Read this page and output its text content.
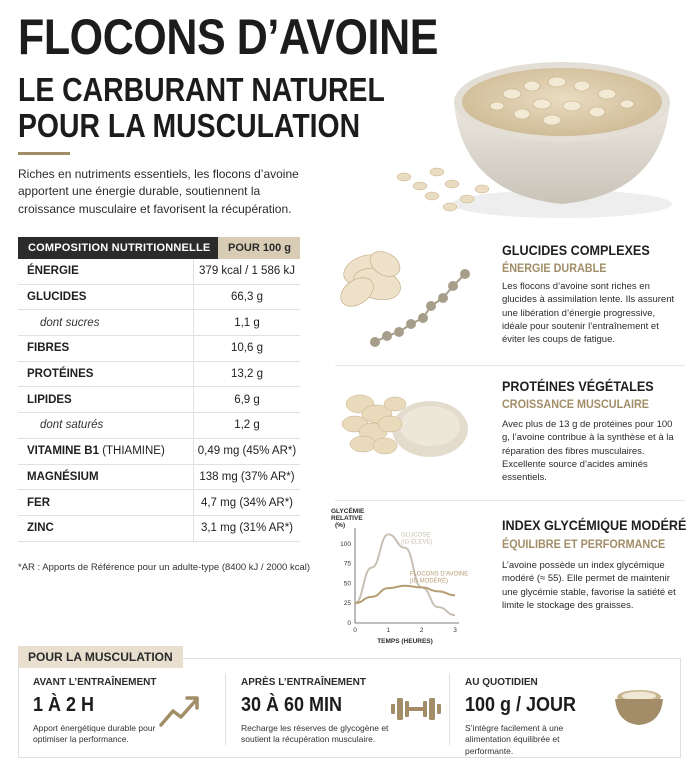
FLOCONS D’AVOINE
LE CARBURANT NATUREL
POUR LA MUSCULATION
Riches en nutriments essentiels, les flocons d’avoine apportent une énergie durable, soutiennent la croissance musculaire et favorisent la récupération.
COMPOSITION NUTRITIONNELLE	POUR 100 g
ÉNERGIE	379 kcal / 1 586 kJ
GLUCIDES	66,3 g
dont sucres	1,1 g
FIBRES	10,6 g
PROTÉINES	13,2 g
LIPIDES	6,9 g
dont saturés	1,2 g
VITAMINE B1 (THIAMINE)	0,49 mg (45% AR*)
MAGNÉSIUM	138 mg (37% AR*)
FER	4,7 mg (34% AR*)
ZINC	3,1 mg (31% AR*)
*AR : Apports de Référence pour un adulte-type (8400 kJ / 2000 kcal)
GLUCIDES COMPLEXES
ÉNERGIE DURABLE
Les flocons d’avoine sont riches en glucides à assimilation lente. Ils assurent une libération d’énergie progressive, idéale pour soutenir l’entraînement et éviter les coups de fatigue.
PROTÉINES VÉGÉTALES
CROISSANCE MUSCULAIRE
Avec plus de 13 g de protéines pour 100 g, l’avoine contribue à la synthèse et à la réparation des fibres musculaires. Excellente source d’acides aminés essentiels.
GLYCÉMIE
RELATIVE
(%)
100
75
50
25
0
0	1	2	3
TEMPS (HEURES)
GLUCOSE
(IG ÉLEVÉ)
FLOCONS D’AVOINE
(IG MODÉRÉ)
INDEX GLYCÉMIQUE MODÉRÉ
ÉQUILIBRE ET PERFORMANCE
L’avoine possède un index glycémique modéré (≈ 55). Elle permet de maintenir une glycémie stable, favorise la satiété et limite le stockage des graisses.
AVANT L’ENTRAÎNEMENT
1 À 2 H
Apport énergétique durable pour optimiser la performance.
APRÈS L’ENTRAÎNEMENT
30 À 60 MIN
Recharge les réserves de glycogène et soutient la récupération musculaire.
AU QUOTIDIEN
100 g / JOUR
S’intègre facilement à une alimentation équilibrée et performante.
POUR LA MUSCULATION
